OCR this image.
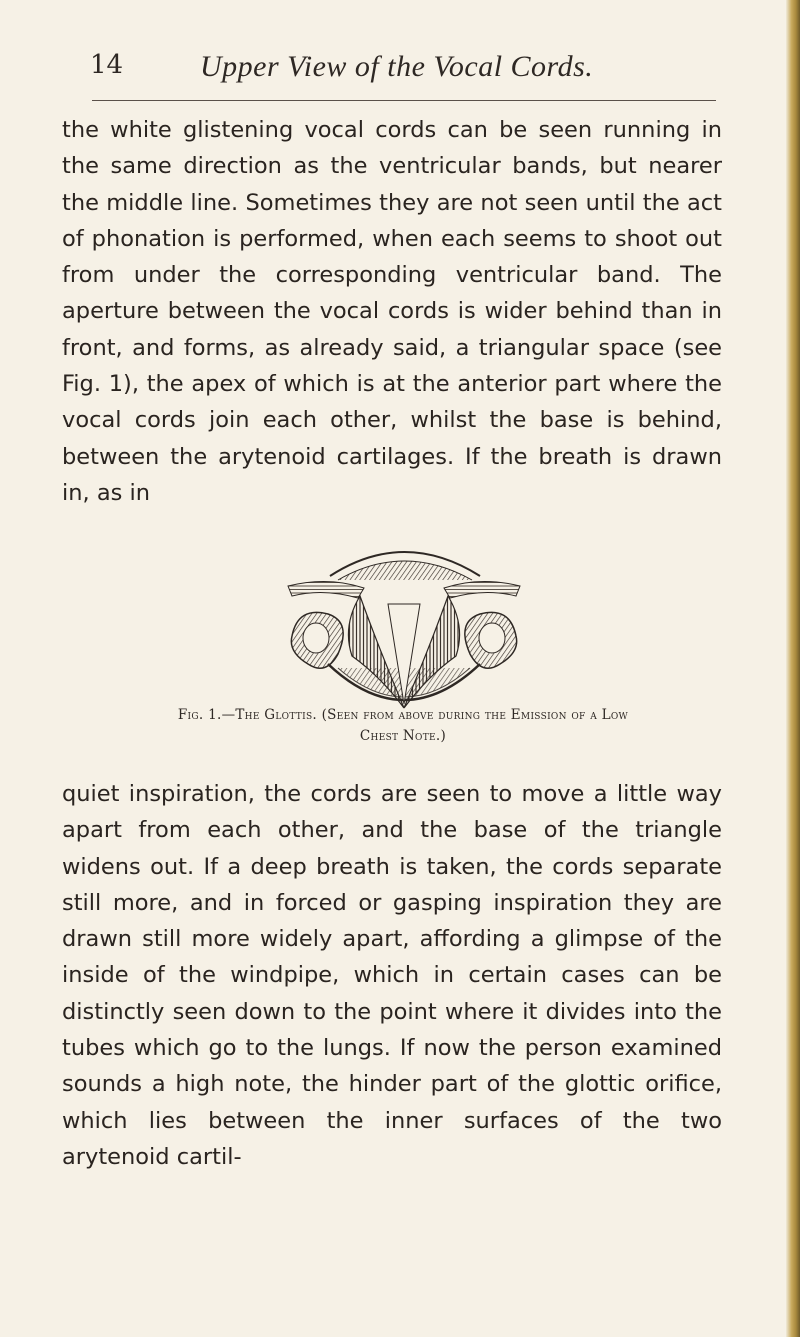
14	Upper View of the Vocal Cords.

the white glistening vocal cords can be seen running in the same direction as the ventricular bands, but nearer the middle line. Sometimes they are not seen until the act of phonation is performed, when each seems to shoot out from under the corresponding ventricular band. The aperture between the vocal cords is wider behind than in front, and forms, as already said, a triangular space (see Fig. 1), the apex of which is at the anterior part where the vocal cords join each other, whilst the base is behind, between the arytenoid cartilages. If the breath is drawn in, as in

Fig. 1.—The Glottis. (Seen from above during the Emission of a Low
Chest Note.)

quiet inspiration, the cords are seen to move a little way apart from each other, and the base of the triangle widens out. If a deep breath is taken, the cords separate still more, and in forced or gasping inspiration they are drawn still more widely apart, affording a glimpse of the inside of the windpipe, which in certain cases can be distinctly seen down to the point where it divides into the tubes which go to the lungs. If now the person examined sounds a high note, the hinder part of the glottic orifice, which lies between the inner surfaces of the two arytenoid cartil-
